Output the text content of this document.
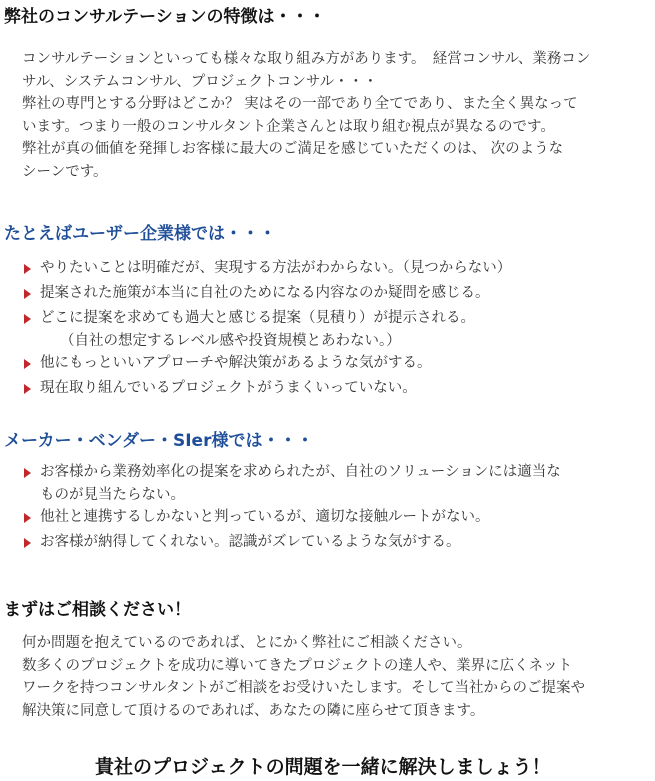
弊社のコンサルテーションの特徴は・・・
コンサルテーションといっても様々な取り組み方があります。　経営コンサル、業務コン
サル、システムコンサル、プロジェクトコンサル・・・
弊社の専門とする分野はどこか？ 実はその一部であり全てであり、また全く異なって
います。つまり一般のコンサルタント企業さんとは取り組む視点が異なるのです。
弊社が真の価値を発揮しお客様に最大のご満足を感じていただくのは、 次のような
シーンです。
たとえばユーザー企業様では・・・
やりたいことは明確だが、実現する方法がわからない。（見つからない）
提案された施策が本当に自社のためになる内容なのか疑問を感じる。
どこに提案を求めても過大と感じる提案（見積り）が提示される。
（自社の想定するレベル感や投資規模とあわない。）
他にもっといいアプローチや解決策があるような気がする。
現在取り組んでいるプロジェクトがうまくいっていない。
メーカー・ベンダー・SIer様では・・・
お客様から業務効率化の提案を求められたが、自社のソリューションには適当な
ものが見当たらない。
他社と連携するしかないと判っているが、適切な接触ルートがない。
お客様が納得してくれない。認識がズレているような気がする。
まずはご相談ください！
何か問題を抱えているのであれば、とにかく弊社にご相談ください。
数多くのプロジェクトを成功に導いてきたプロジェクトの達人や、業界に広くネット
ワークを持つコンサルタントがご相談をお受けいたします。そして当社からのご提案や
解決策に同意して頂けるのであれば、あなたの隣に座らせて頂きます。
貴社のプロジェクトの問題を一緒に解決しましょう！
